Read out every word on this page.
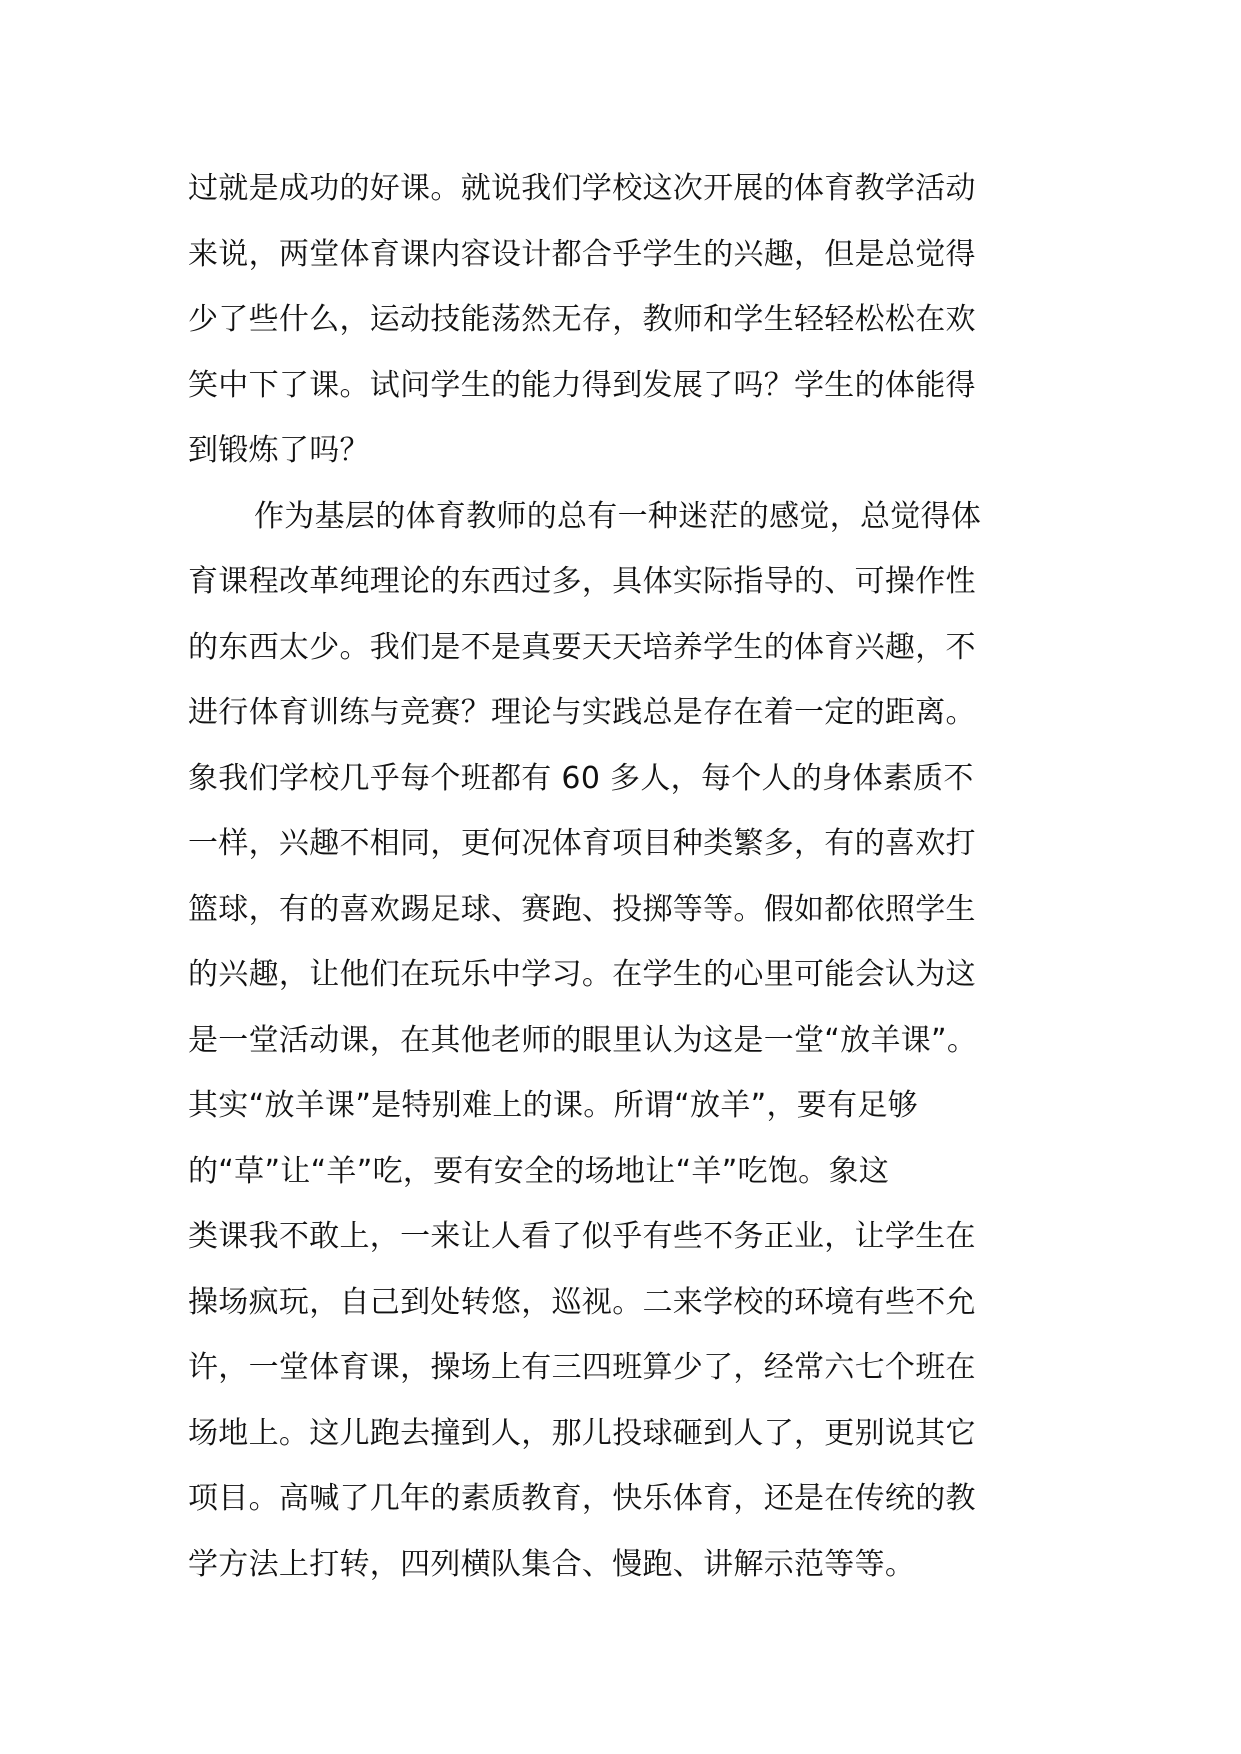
过就是成功的好课。就说我们学校这次开展的体育教学活动
来说，两堂体育课内容设计都合乎学生的兴趣，但是总觉得
少了些什么，运动技能荡然无存，教师和学生轻轻松松在欢
笑中下了课。试问学生的能力得到发展了吗？学生的体能得
到锻炼了吗？
作为基层的体育教师的总有一种迷茫的感觉，总觉得体
育课程改革纯理论的东西过多，具体实际指导的、可操作性
的东西太少。我们是不是真要天天培养学生的体育兴趣，不
进行体育训练与竞赛？理论与实践总是存在着一定的距离。
象我们学校几乎每个班都有 60 多人，每个人的身体素质不
一样，兴趣不相同，更何况体育项目种类繁多，有的喜欢打
篮球，有的喜欢踢足球、赛跑、投掷等等。假如都依照学生
的兴趣，让他们在玩乐中学习。在学生的心里可能会认为这
是一堂活动课，在其他老师的眼里认为这是一堂“放羊课”。
其实“放羊课”是特别难上的课。所谓“放羊”，要有足够
的“草”让“羊”吃，要有安全的场地让“羊”吃饱。象这
类课我不敢上，一来让人看了似乎有些不务正业，让学生在
操场疯玩，自己到处转悠，巡视。二来学校的环境有些不允
许，一堂体育课，操场上有三四班算少了，经常六七个班在
场地上。这儿跑去撞到人，那儿投球砸到人了，更别说其它
项目。高喊了几年的素质教育，快乐体育，还是在传统的教
学方法上打转，四列横队集合、慢跑、讲解示范等等。
